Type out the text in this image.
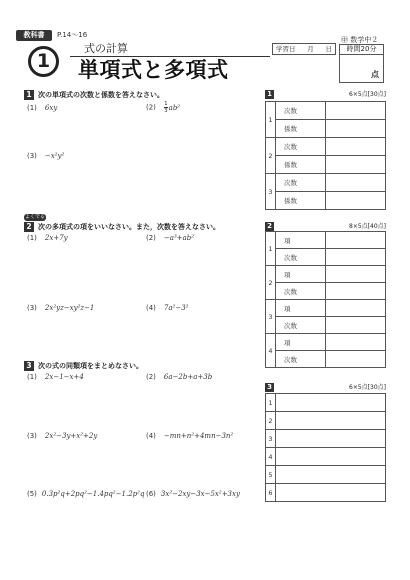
教科書	P.14〜16
1
式の計算
単項式と多項式
学習日 月 日
㊥ 数学中２
時間20分
点
1 次の単項式の次数と係数を答えなさい。
(1) 6xy	$(2) \frac{1}{3} ab^2$
(3) −x²y²
よくでる
2 次の多項式の項をいいなさい。また，次数を答えなさい。
(1) 2x+7y	(2) −a³+ab²
(3) 2x²yz−xy²z−1	(4) 7a²−3²
3 次の式の同類項をまとめなさい。
(1) 2x−1−x+4	(2) 6a−2b+a+3b
(3) 2x²−3y+x²+2y	(4) −mn+n²+4mn−3n²
(5) 0.3p²q+2pq²−1.4pq²−1.2p²q (6) 3x²−2xy−3x−5x²+3xy
1	6×5点[30点]
1	次数	
	係数	
2	次数	
	係数	
3	次数	
	係数	
2	8×5点[40点]
1	項	
	次数	
2	項	
	次数	
3	項	
	次数	
4	項	
	次数	
3	6×5点[30点]
1	
2	
3	
4	
5	
6	
